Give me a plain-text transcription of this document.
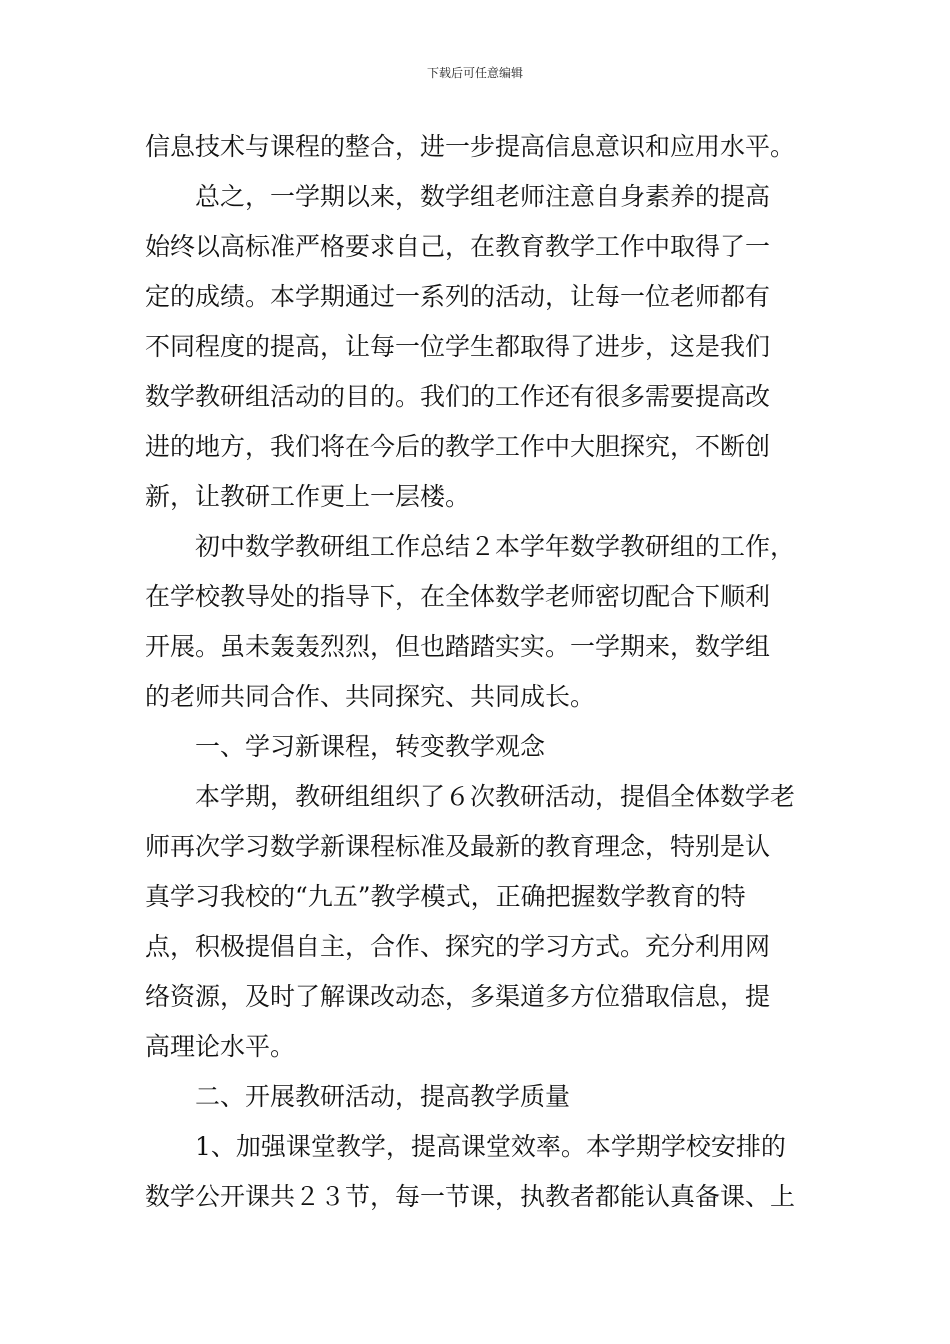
下载后可任意编辑
信息技术与课程的整合，进一步提高信息意识和应用水平。
总之，一学期以来，数学组老师注意自身素养的提高
始终以高标准严格要求自己，在教育教学工作中取得了一
定的成绩。本学期通过一系列的活动，让每一位老师都有
不同程度的提高，让每一位学生都取得了进步，这是我们
数学教研组活动的目的。我们的工作还有很多需要提高改
进的地方，我们将在今后的教学工作中大胆探究，不断创
新，让教研工作更上一层楼。
初中数学教研组工作总结２本学年数学教研组的工作，
在学校教导处的指导下，在全体数学老师密切配合下顺利
开展。虽未轰轰烈烈，但也踏踏实实。一学期来，数学组
的老师共同合作、共同探究、共同成长。
一、学习新课程，转变教学观念
本学期，教研组组织了６次教研活动，提倡全体数学老
师再次学习数学新课程标准及最新的教育理念，特别是认
真学习我校的“九五”教学模式，正确把握数学教育的特
点，积极提倡自主，合作、探究的学习方式。充分利用网
络资源，及时了解课改动态，多渠道多方位猎取信息，提
高理论水平。
二、开展教研活动，提高教学质量
1、加强课堂教学，提高课堂效率。本学期学校安排的
数学公开课共２３节，每一节课，执教者都能认真备课、上
